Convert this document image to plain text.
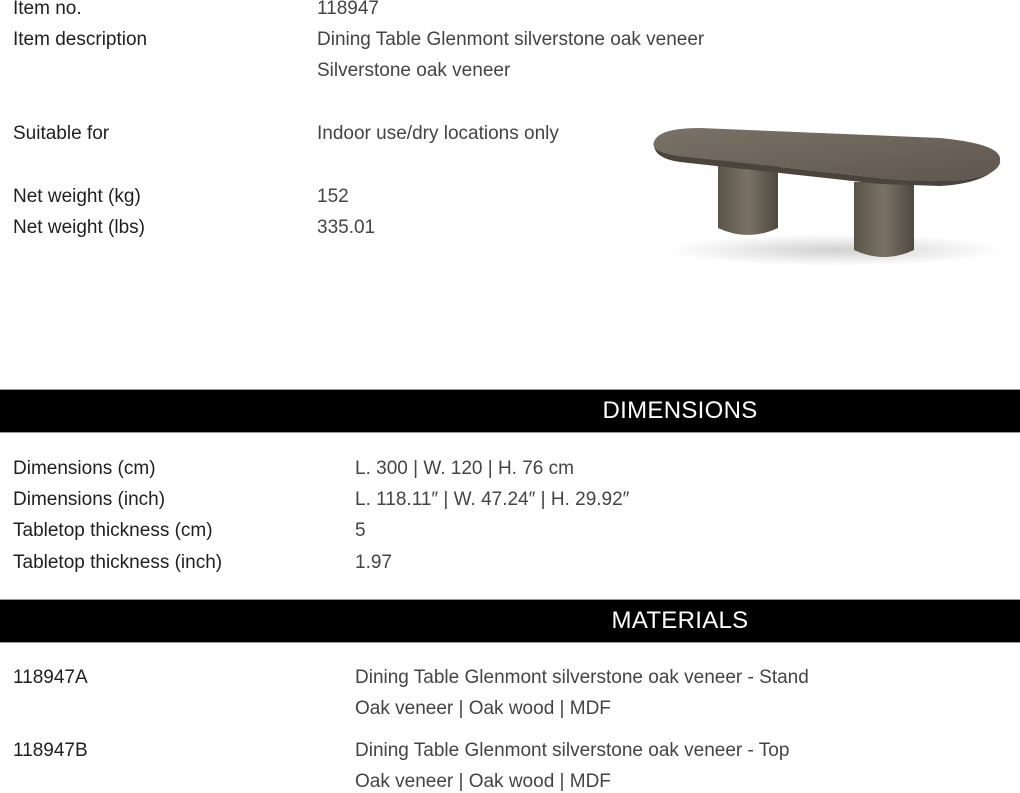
Item no.	118947
Item description	Dining Table Glenmont silverstone oak veneer
Silverstone oak veneer
Suitable for	Indoor use/dry locations only
Net weight (kg)	152
Net weight (lbs)	335.01
DIMENSIONS
Dimensions (cm)	L. 300 | W. 120 | H. 76 cm
Dimensions (inch)	L. 118.11″ | W. 47.24″ | H. 29.92″
Tabletop thickness (cm)	5
Tabletop thickness (inch)	1.97
MATERIALS
118947A	Dining Table Glenmont silverstone oak veneer - Stand
Oak veneer | Oak wood | MDF
118947B	Dining Table Glenmont silverstone oak veneer - Top
Oak veneer | Oak wood | MDF
